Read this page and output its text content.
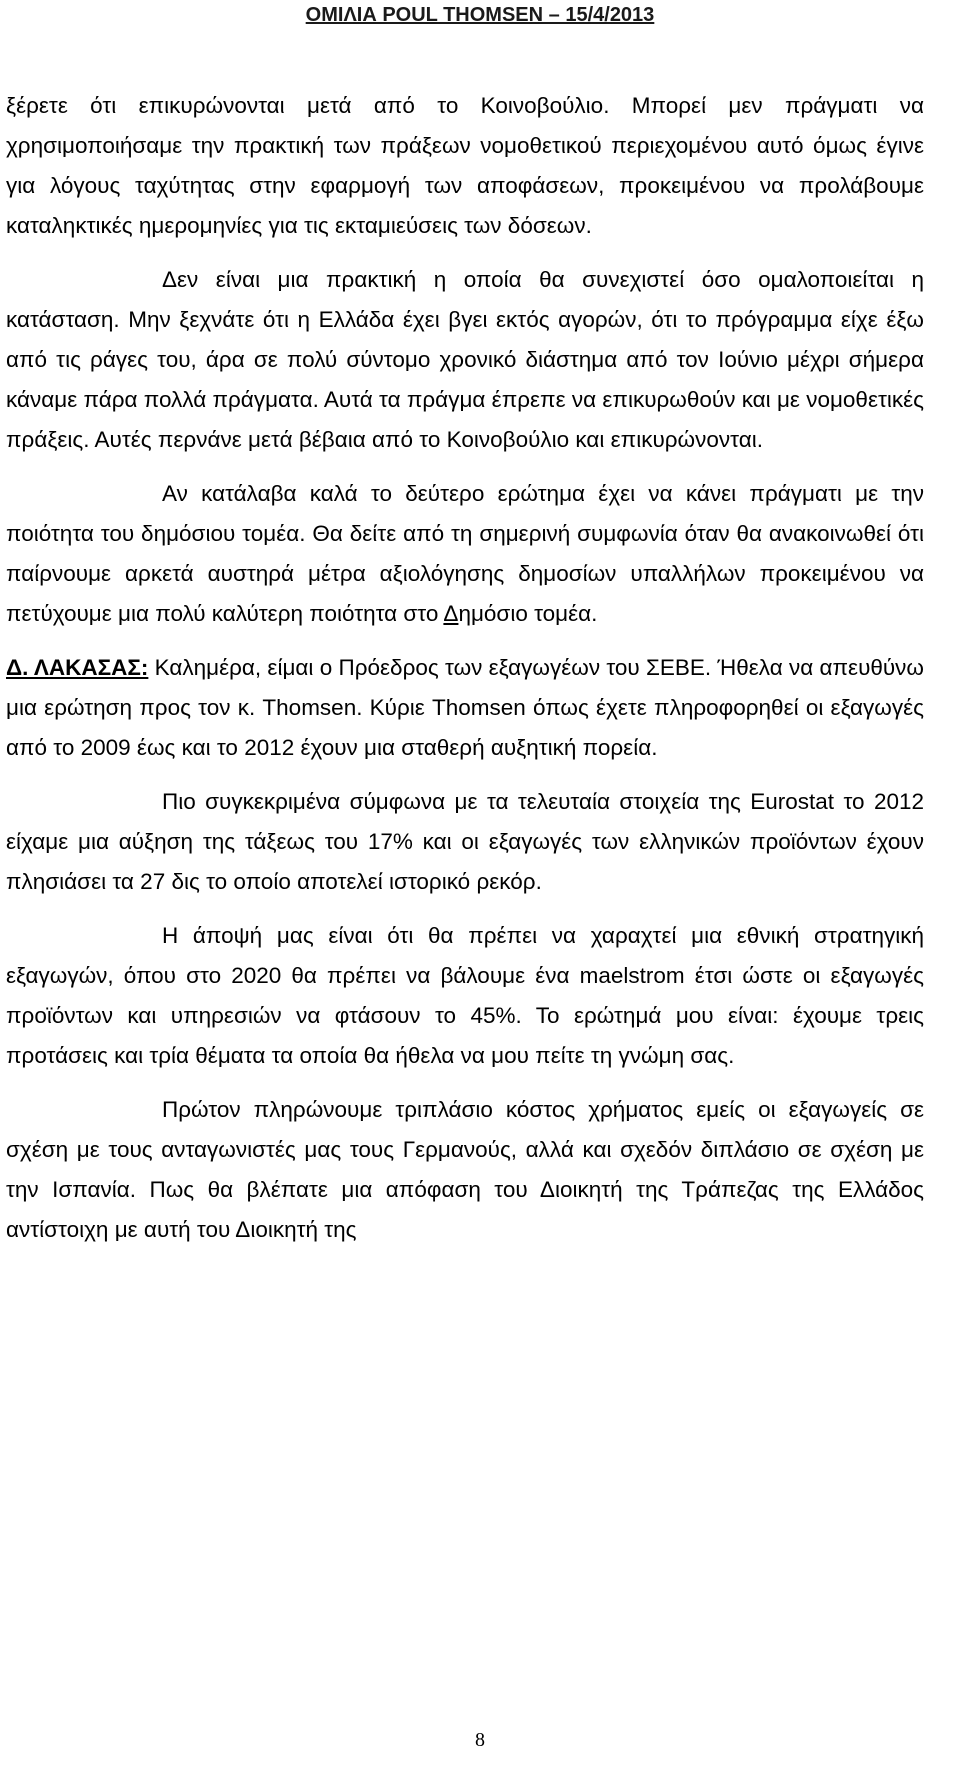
ΟΜΙΛΙΑ POUL THOMSEN – 15/4/2013

ξέρετε ότι επικυρώνονται μετά από το Κοινοβούλιο. Μπορεί μεν πράγματι να χρησιμοποιήσαμε την πρακτική των πράξεων νομοθετικού περιεχομένου αυτό όμως έγινε για λόγους ταχύτητας στην εφαρμογή των αποφάσεων, προκειμένου να προλάβουμε καταληκτικές ημερομηνίες για τις εκταμιεύσεις των δόσεων.

Δεν είναι μια πρακτική η οποία θα συνεχιστεί όσο ομαλοποιείται η κατάσταση. Μην ξεχνάτε ότι η Ελλάδα έχει βγει εκτός αγορών, ότι το πρόγραμμα είχε έξω από τις ράγες του, άρα σε πολύ σύντομο χρονικό διάστημα από τον Ιούνιο μέχρι σήμερα κάναμε πάρα πολλά πράγματα. Αυτά τα πράγμα έπρεπε να επικυρωθούν και με νομοθετικές πράξεις. Αυτές περνάνε μετά βέβαια από το Κοινοβούλιο και επικυρώνονται.

Αν κατάλαβα καλά το δεύτερο ερώτημα έχει να κάνει πράγματι με την ποιότητα του δημόσιου τομέα. Θα δείτε από τη σημερινή συμφωνία όταν θα ανακοινωθεί ότι παίρνουμε αρκετά αυστηρά μέτρα αξιολόγησης δημοσίων υπαλλήλων προκειμένου να πετύχουμε μια πολύ καλύτερη ποιότητα στο Δημόσιο τομέα.

Δ. ΛΑΚΑΣΑΣ: Καλημέρα, είμαι ο Πρόεδρος των εξαγωγέων του ΣΕΒΕ. Ήθελα να απευθύνω μια ερώτηση προς τον κ. Thomsen. Κύριε Thomsen όπως έχετε πληροφορηθεί οι εξαγωγές από το 2009 έως και το 2012 έχουν μια σταθερή αυξητική πορεία.

Πιο συγκεκριμένα σύμφωνα με τα τελευταία στοιχεία της Eurostat το 2012 είχαμε μια αύξηση της τάξεως του 17% και οι εξαγωγές των ελληνικών προϊόντων έχουν πλησιάσει τα 27 δις το οποίο αποτελεί ιστορικό ρεκόρ.

Η άποψή μας είναι ότι θα πρέπει να χαραχτεί μια εθνική στρατηγική εξαγωγών, όπου στο 2020 θα πρέπει να βάλουμε ένα maelstrom έτσι ώστε οι εξαγωγές προϊόντων και υπηρεσιών να φτάσουν το 45%. Το ερώτημά μου είναι: έχουμε τρεις προτάσεις και τρία θέματα τα οποία θα ήθελα να μου πείτε τη γνώμη σας.

Πρώτον πληρώνουμε τριπλάσιο κόστος χρήματος εμείς οι εξαγωγείς σε σχέση με τους ανταγωνιστές μας τους Γερμανούς, αλλά και σχεδόν διπλάσιο σε σχέση με την Ισπανία. Πως θα βλέπατε μια απόφαση του Διοικητή της Τράπεζας της Ελλάδος αντίστοιχη με αυτή του Διοικητή της

8
